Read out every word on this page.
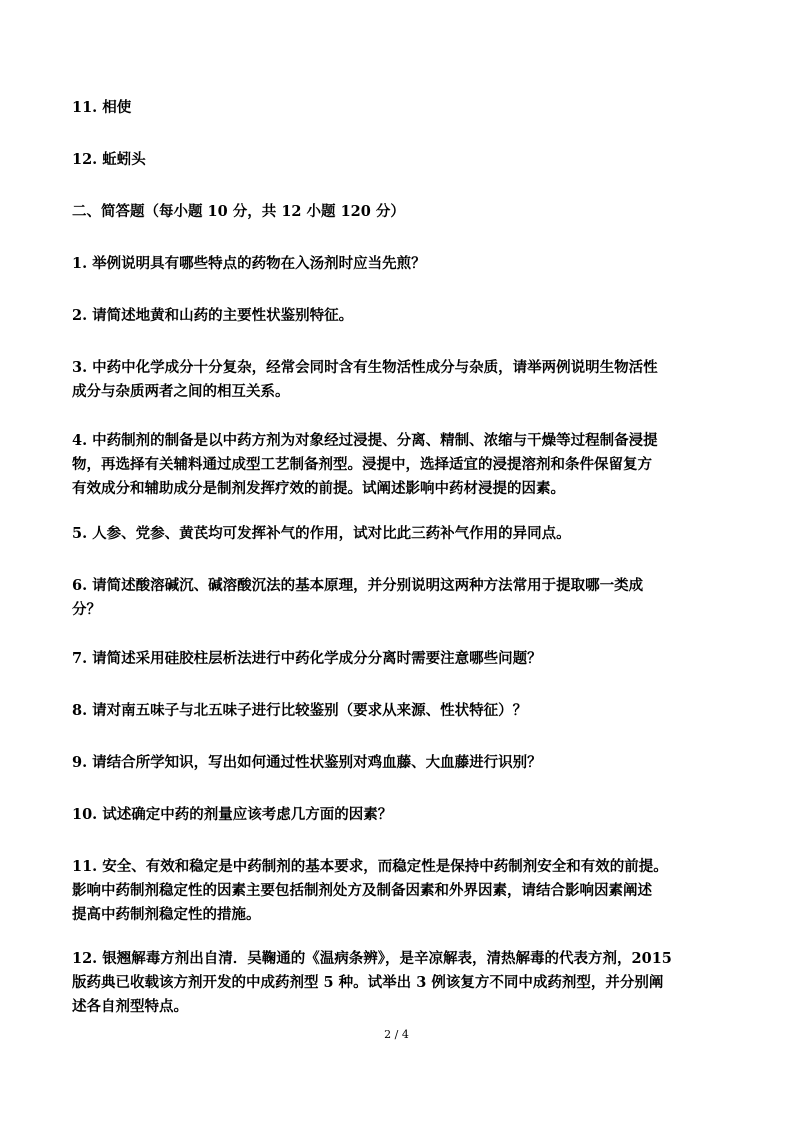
11. 相使
12. 蚯蚓头
二、简答题（每小题 10 分，共 12 小题 120 分）
1. 举例说明具有哪些特点的药物在入汤剂时应当先煎？
2. 请简述地黄和山药的主要性状鉴别特征。
3. 中药中化学成分十分复杂，经常会同时含有生物活性成分与杂质，请举两例说明生物活性
成分与杂质两者之间的相互关系。
4. 中药制剂的制备是以中药方剂为对象经过浸提、分离、精制、浓缩与干燥等过程制备浸提
物，再选择有关辅料通过成型工艺制备剂型。浸提中，选择适宜的浸提溶剂和条件保留复方
有效成分和辅助成分是制剂发挥疗效的前提。试阐述影响中药材浸提的因素。
5. 人参、党参、黄芪均可发挥补气的作用，试对比此三药补气作用的异同点。
6. 请简述酸溶碱沉、碱溶酸沉法的基本原理，并分别说明这两种方法常用于提取哪一类成
分？
7. 请简述采用硅胶柱层析法进行中药化学成分分离时需要注意哪些问题？
8. 请对南五味子与北五味子进行比较鉴别（要求从来源、性状特征）？
9. 请结合所学知识，写出如何通过性状鉴别对鸡血藤、大血藤进行识别？
10. 试述确定中药的剂量应该考虑几方面的因素？
11. 安全、有效和稳定是中药制剂的基本要求，而稳定性是保持中药制剂安全和有效的前提。
影响中药制剂稳定性的因素主要包括制剂处方及制备因素和外界因素，请结合影响因素阐述
提高中药制剂稳定性的措施。
12. 银翘解毒方剂出自清．吴鞠通的《温病条辨》，是辛凉解表，清热解毒的代表方剂，2015
版药典已收载该方剂开发的中成药剂型 5 种。试举出 3 例该复方不同中成药剂型，并分别阐
述各自剂型特点。
2 / 4
